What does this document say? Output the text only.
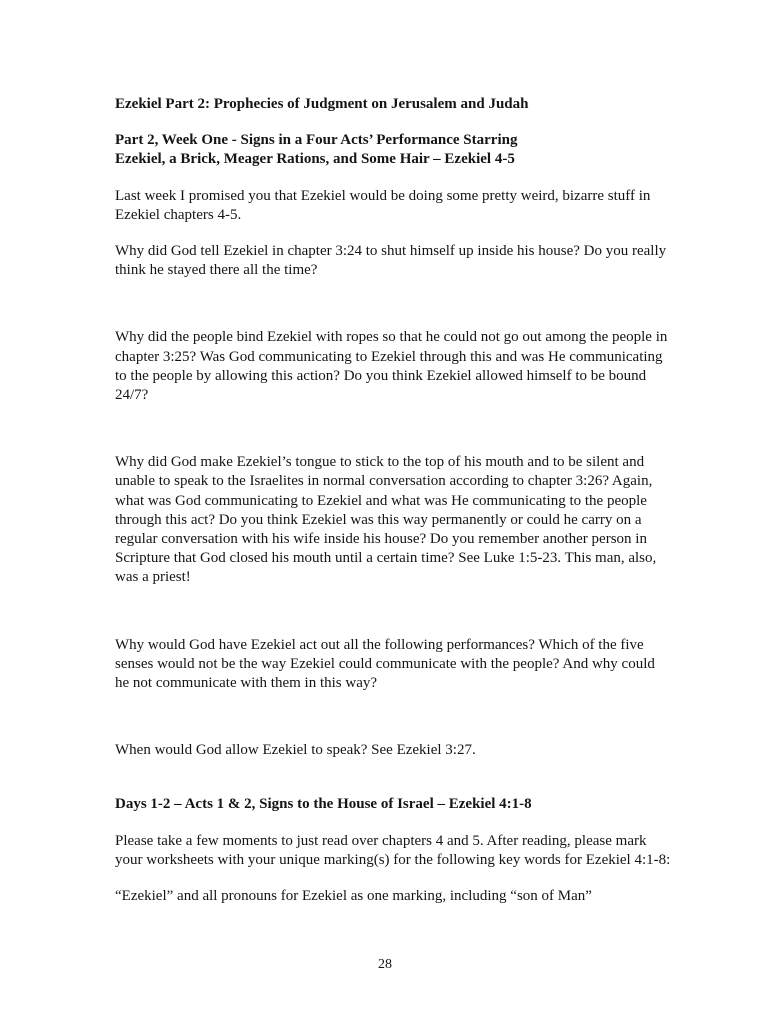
Ezekiel Part 2: Prophecies of Judgment on Jerusalem and Judah
Part 2, Week One - Signs in a Four Acts’ Performance Starring
Ezekiel, a Brick, Meager Rations, and Some Hair – Ezekiel 4-5

Last week I promised you that Ezekiel would be doing some pretty weird, bizarre stuff in Ezekiel chapters 4-5.

Why did God tell Ezekiel in chapter 3:24 to shut himself up inside his house? Do you really think he stayed there all the time?

Why did the people bind Ezekiel with ropes so that he could not go out among the people in chapter 3:25? Was God communicating to Ezekiel through this and was He communicating to the people by allowing this action? Do you think Ezekiel allowed himself to be bound 24/7?

Why did God make Ezekiel’s tongue to stick to the top of his mouth and to be silent and unable to speak to the Israelites in normal conversation according to chapter 3:26? Again, what was God communicating to Ezekiel and what was He communicating to the people through this act? Do you think Ezekiel was this way permanently or could he carry on a regular conversation with his wife inside his house? Do you remember another person in Scripture that God closed his mouth until a certain time? See Luke 1:5-23. This man, also, was a priest!

Why would God have Ezekiel act out all the following performances? Which of the five senses would not be the way Ezekiel could communicate with the people? And why could he not communicate with them in this way?

When would God allow Ezekiel to speak? See Ezekiel 3:27.

Days 1-2 – Acts 1 & 2, Signs to the House of Israel – Ezekiel 4:1-8

Please take a few moments to just read over chapters 4 and 5. After reading, please mark your worksheets with your unique marking(s) for the following key words for Ezekiel 4:1-8:

“Ezekiel” and all pronouns for Ezekiel as one marking, including “son of Man”

28
